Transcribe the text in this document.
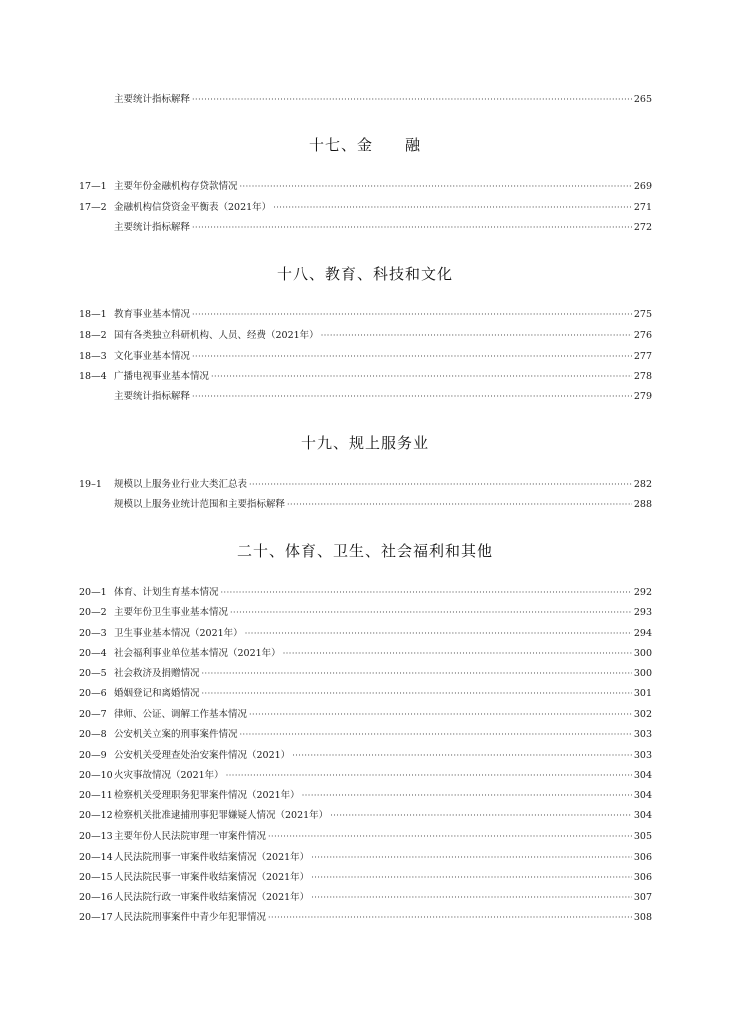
主要统计指标解释 ·····	265
十七、金　　融
17—1 主要年份金融机构存贷款情况 ·····	269
17—2 金融机构信贷资金平衡表（2021年） ·····	271
主要统计指标解释 ·····	272
十八、教育、科技和文化
18—1 教育事业基本情况 ·····	275
18—2 国有各类独立科研机构、人员、经费（2021年） ·····	276
18—3 文化事业基本情况 ·····	277
18—4 广播电视事业基本情况 ·····	278
主要统计指标解释 ·····	279
十九、规上服务业
19–1	规模以上服务业行业大类汇总表 ·····	282
规模以上服务业统计范围和主要指标解释 ·····	288
二十、体育、卫生、社会福利和其他
20—1 体育、计划生育基本情况 ·····	292
20—2 主要年份卫生事业基本情况 ·····	293
20—3 卫生事业基本情况（2021年） ·····	294
20—4 社会福利事业单位基本情况（2021年） ·····	300
20—5 社会救济及捐赠情况 ·····	300
20—6 婚姻登记和离婚情况 ·····	301
20—7 律师、公证、调解工作基本情况 ·····	302
20—8 公安机关立案的刑事案件情况 ·····	303
20—9 公安机关受理查处治安案件情况（2021） ·····	303
20—10 火灾事故情况（2021年） ·····	304
20—11 检察机关受理职务犯罪案件情况（2021年） ·····	304
20—12 检察机关批准逮捕刑事犯罪嫌疑人情况（2021年） ·····	304
20—13 主要年份人民法院审理一审案件情况 ·····	305
20—14 人民法院刑事一审案件收结案情况（2021年） ·····	306
20—15 人民法院民事一审案件收结案情况（2021年） ·····	306
20—16 人民法院行政一审案件收结案情况（2021年） ·····	307
20—17 人民法院刑事案件中青少年犯罪情况 ·····	308
